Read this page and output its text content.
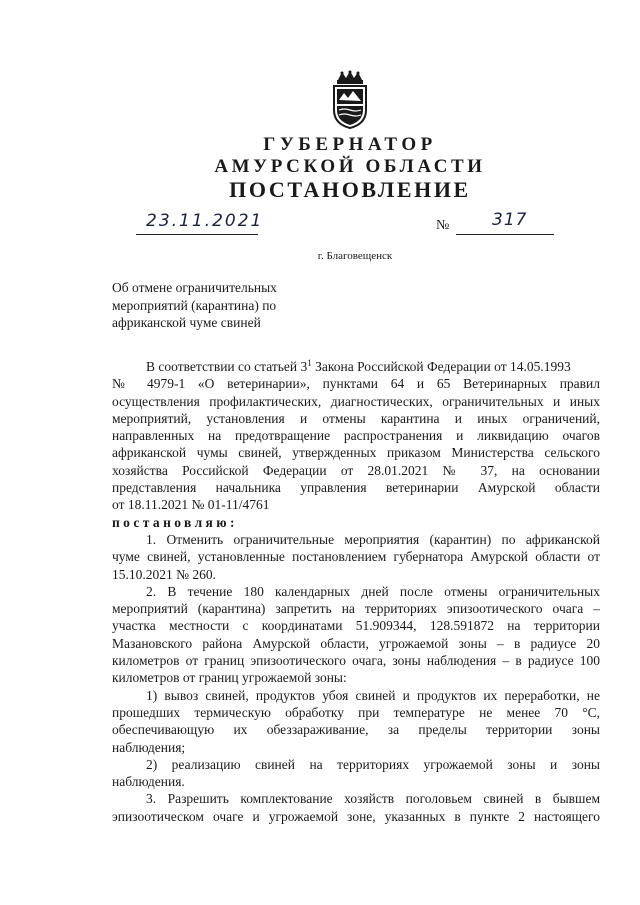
ГУБЕРНАТОР
АМУРСКОЙ ОБЛАСТИ
ПОСТАНОВЛЕНИЕ
23.11.2021	№	317
г. Благовещенск
Об отмене ограничительных
мероприятий (карантина) по
африканской чуме свиней
В соответствии со статьей $3^1$ Закона Российской Федерации от 14.05.1993
№ 4979-1 «О ветеринарии», пунктами 64 и 65 Ветеринарных правил
осуществления профилактических, диагностических, ограничительных и иных
мероприятий, установления и отмены карантина и иных ограничений,
направленных на предотвращение распространения и ликвидацию очагов
африканской чумы свиней, утвержденных приказом Министерства сельского
хозяйства Российской Федерации от 28.01.2021 № 37, на основании
представления начальника управления ветеринарии Амурской области
от 18.11.2021 № 01-11/4761
постановляю:
1. Отменить ограничительные мероприятия (карантин) по африканской
чуме свиней, установленные постановлением губернатора Амурской области от
15.10.2021 № 260.
2. В течение 180 календарных дней после отмены ограничительных
мероприятий (карантина) запретить на территориях эпизоотического очага –
участка местности с координатами 51.909344, 128.591872 на территории
Мазановского района Амурской области, угрожаемой зоны – в радиусе 20
километров от границ эпизоотического очага, зоны наблюдения – в радиусе 100
километров от границ угрожаемой зоны:
1) вывоз свиней, продуктов убоя свиней и продуктов их переработки, не
прошедших термическую обработку при температуре не менее 70 °С,
обеспечивающую их обеззараживание, за пределы территории зоны
наблюдения;
2) реализацию свиней на территориях угрожаемой зоны и зоны
наблюдения.
3. Разрешить комплектование хозяйств поголовьем свиней в бывшем
эпизоотическом очаге и угрожаемой зоне, указанных в пункте 2 настоящего
